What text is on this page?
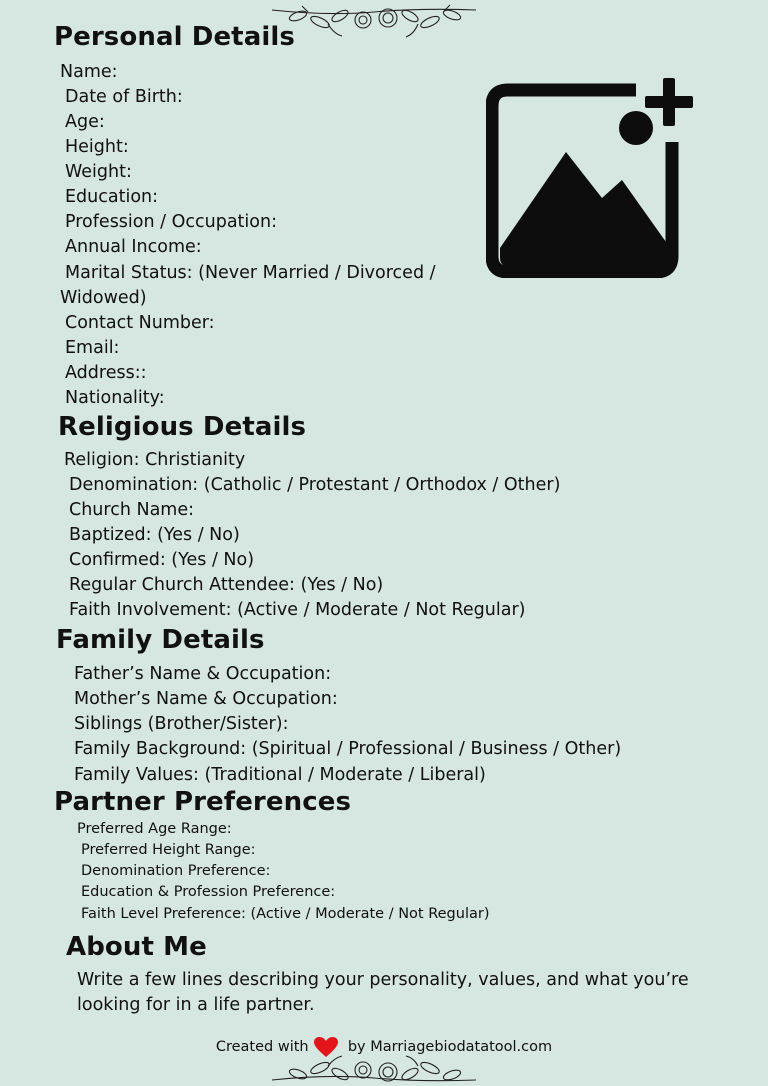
Personal Details
Name:
Date of Birth:
Age:
Height:
Weight:
Education:
Profession / Occupation:
Annual Income:
Marital Status: (Never Married / Divorced /
Widowed)
Contact Number:
Email:
Address::
Nationality:
Religious Details
Religion: Christianity
Denomination: (Catholic / Protestant / Orthodox / Other)
Church Name:
Baptized: (Yes / No)
Confirmed: (Yes / No)
Regular Church Attendee: (Yes / No)
Faith Involvement: (Active / Moderate / Not Regular)
Family Details
Father’s Name & Occupation:
Mother’s Name & Occupation:
Siblings (Brother/Sister):
Family Background: (Spiritual / Professional / Business / Other)
Family Values: (Traditional / Moderate / Liberal)
Partner Preferences
Preferred Age Range:
Preferred Height Range:
Denomination Preference:
Education & Profession Preference:
Faith Level Preference: (Active / Moderate / Not Regular)
About Me
Write a few lines describing your personality, values, and what you’re
looking for in a life partner.
Created with	by Marriagebiodatatool.com
